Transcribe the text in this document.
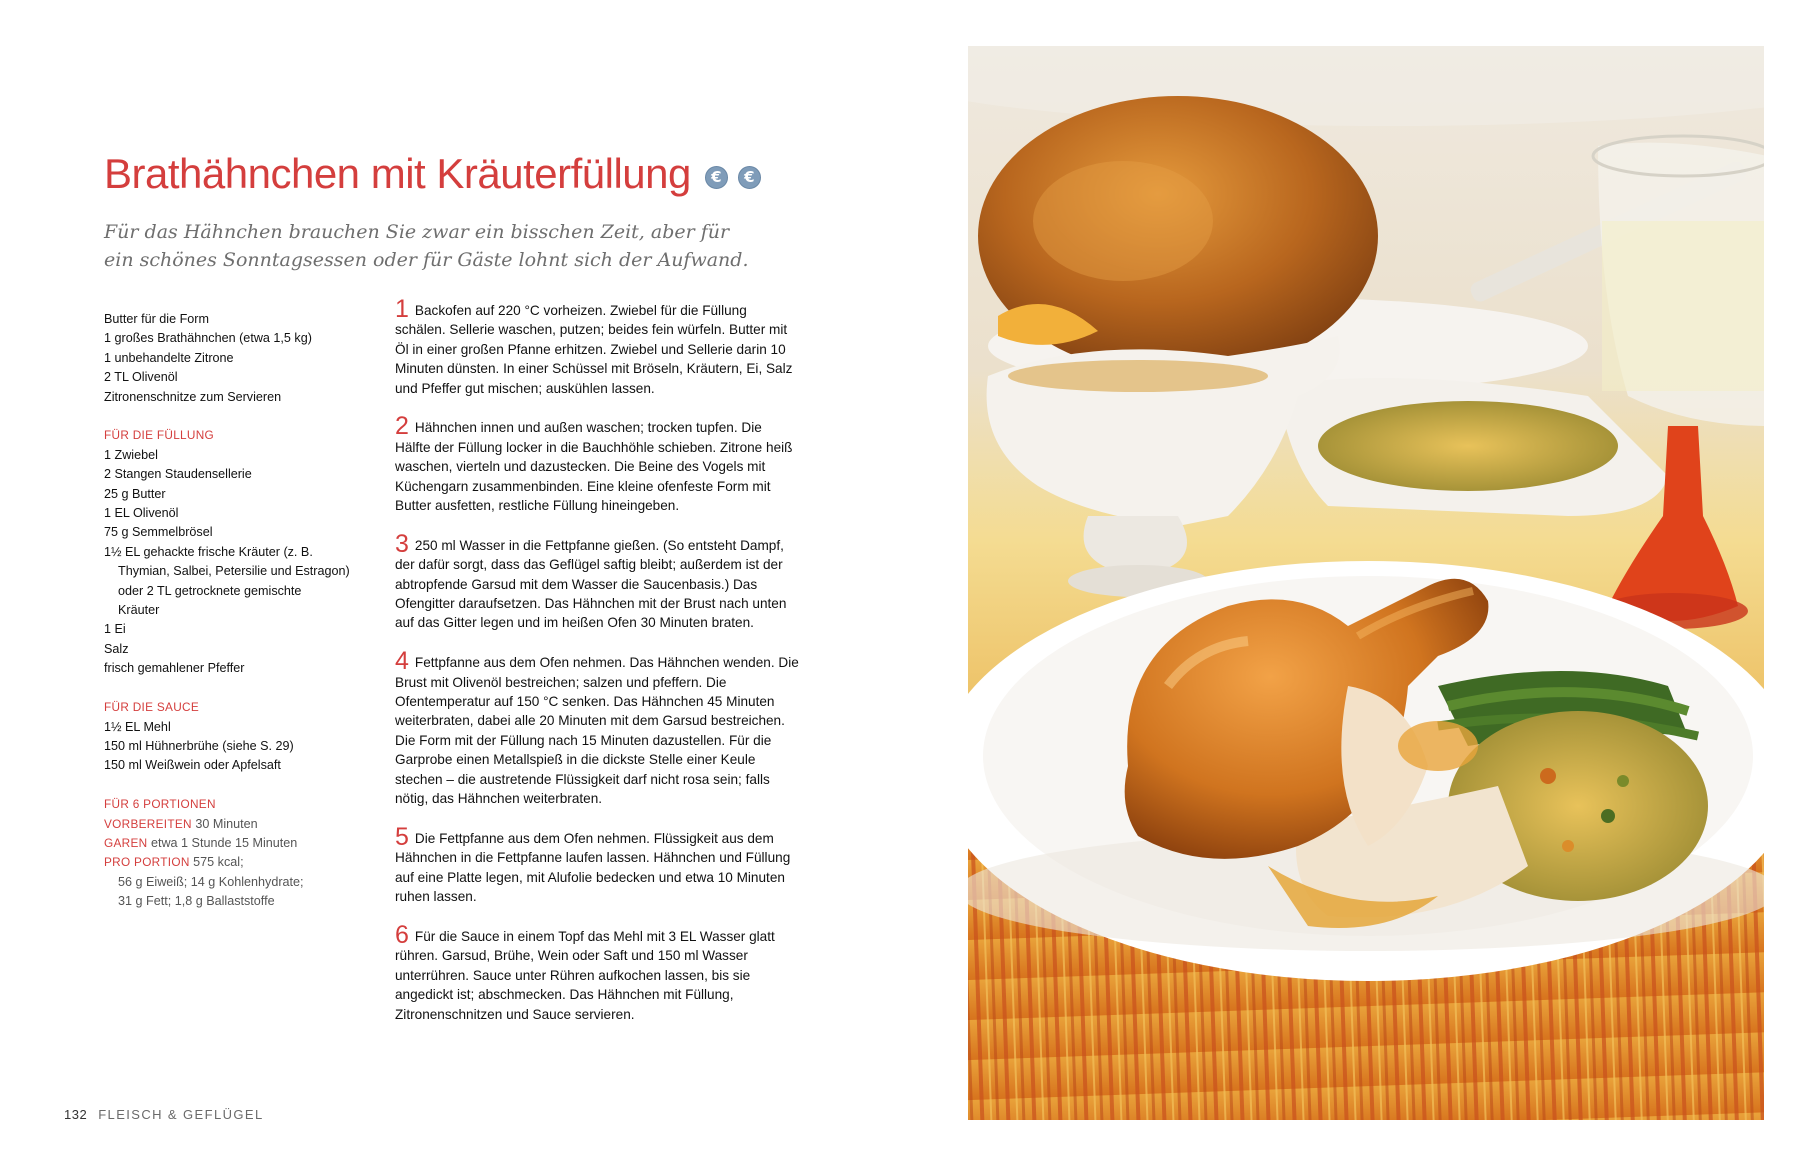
Brathähnchen mit Kräuterfüllung	€	€

Für das Hähnchen brauchen Sie zwar ein bisschen Zeit, aber für ein schönes Sonntagsessen oder für Gäste lohnt sich der Aufwand.

Butter für die Form
1 großes Brathähnchen (etwa 1,5 kg)
1 unbehandelte Zitrone
2 TL Olivenöl
Zitronenschnitze zum Servieren
FÜR DIE FÜLLUNG
1 Zwiebel
2 Stangen Staudensellerie
25 g Butter
1 EL Olivenöl
75 g Semmelbrösel
1½ EL gehackte frische Kräuter (z. B.
Thymian, Salbei, Petersilie und Estragon)
oder 2 TL getrocknete gemischte
Kräuter
1 Ei
Salz
frisch gemahlener Pfeffer
FÜR DIE SAUCE
1½ EL Mehl
150 ml Hühnerbrühe (siehe S. 29)
150 ml Weißwein oder Apfelsaft
FÜR 6 PORTIONEN
VORBEREITEN 30 Minuten
GAREN etwa 1 Stunde 15 Minuten
PRO PORTION 575 kcal;
56 g Eiweiß; 14 g Kohlenhydrate;
31 g Fett; 1,8 g Ballaststoffe

1 Backofen auf 220 °C vorheizen. Zwiebel für die Füllung schälen. Sellerie waschen, putzen; beides fein würfeln. Butter mit Öl in einer großen Pfanne erhitzen. Zwiebel und Sellerie darin 10 Minuten dünsten. In einer Schüssel mit Bröseln, Kräutern, Ei, Salz und Pfeffer gut mischen; auskühlen lassen.

2 Hähnchen innen und außen waschen; trocken tupfen. Die Hälfte der Füllung locker in die Bauchhöhle schieben. Zitrone heiß waschen, vierteln und dazustecken. Die Beine des Vogels mit Küchengarn zusammenbinden. Eine kleine ofenfeste Form mit Butter ausfetten, restliche Füllung hineingeben.

3 250 ml Wasser in die Fettpfanne gießen. (So entsteht Dampf, der dafür sorgt, dass das Geflügel saftig bleibt; außerdem ist der abtropfende Garsud mit dem Wasser die Saucenbasis.) Das Ofengitter daraufsetzen. Das Hähnchen mit der Brust nach unten auf das Gitter legen und im heißen Ofen 30 Minuten braten.

4 Fettpfanne aus dem Ofen nehmen. Das Hähnchen wenden. Die Brust mit Olivenöl bestreichen; salzen und pfeffern. Die Ofentemperatur auf 150 °C senken. Das Hähnchen 45 Minuten weiterbraten, dabei alle 20 Minuten mit dem Garsud bestreichen. Die Form mit der Füllung nach 15 Minuten dazustellen. Für die Garprobe einen Metallspieß in die dickste Stelle einer Keule stechen – die austretende Flüssigkeit darf nicht rosa sein; falls nötig, das Hähnchen weiterbraten.

5 Die Fettpfanne aus dem Ofen nehmen. Flüssigkeit aus dem Hähnchen in die Fettpfanne laufen lassen. Hähnchen und Füllung auf eine Platte legen, mit Alufolie bedecken und etwa 10 Minuten ruhen lassen.

6 Für die Sauce in einem Topf das Mehl mit 3 EL Wasser glatt rühren. Garsud, Brühe, Wein oder Saft und 150 ml Wasser unterrühren. Sauce unter Rühren aufkochen lassen, bis sie angedickt ist; abschmecken. Das Hähnchen mit Füllung, Zitronenschnitzen und Sauce servieren.

132 FLEISCH & GEFLÜGEL
